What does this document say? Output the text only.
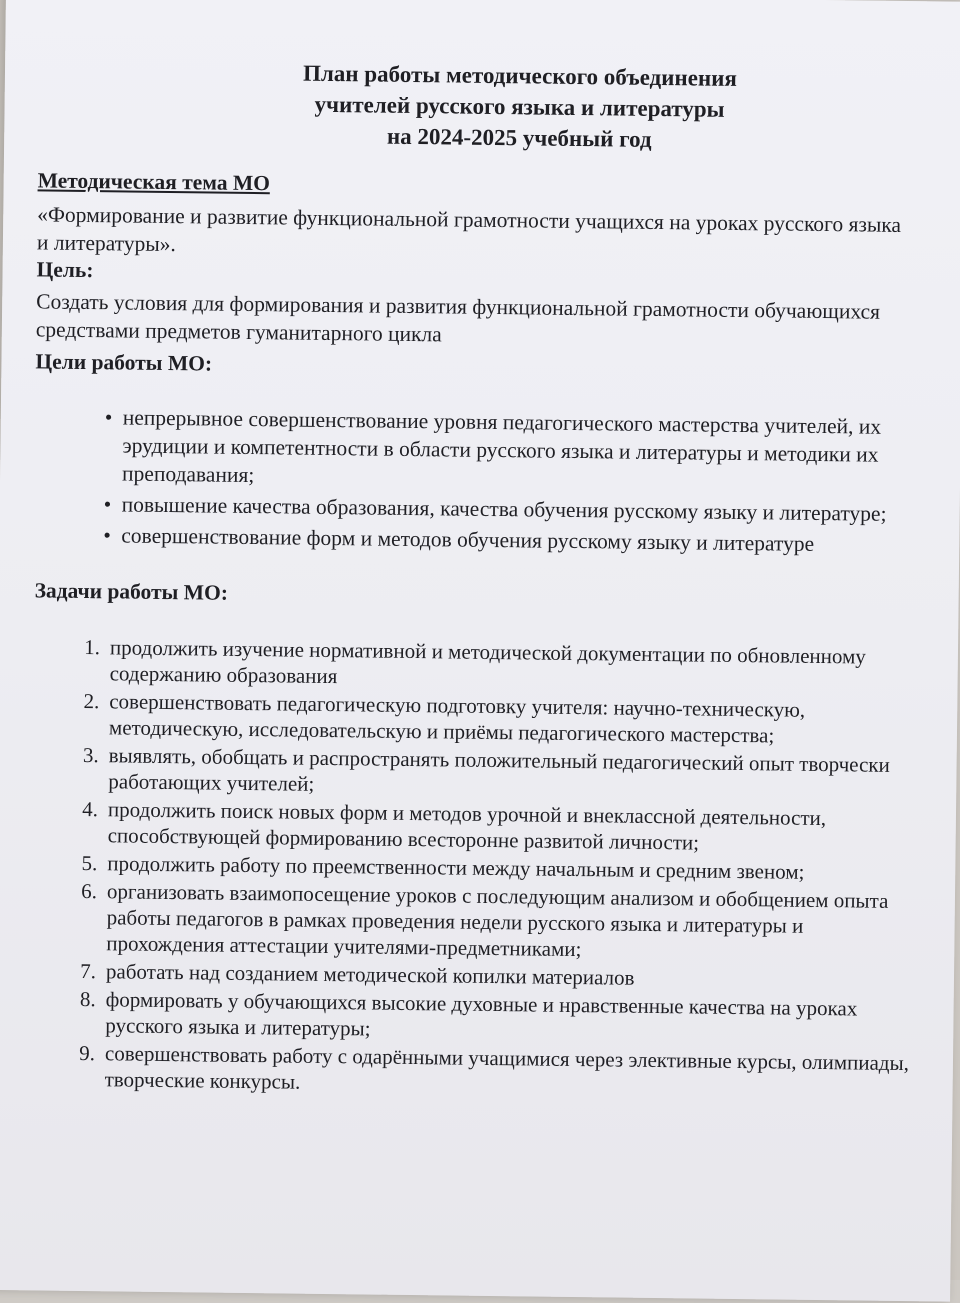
План работы методического объединения
учителей русского языка и литературы
на 2024-2025 учебный год
Методическая тема МО
«Формирование и развитие функциональной грамотности учащихся на уроках русского языка и литературы».
Цель:
Создать условия для формирования и развития функциональной грамотности обучающихся средствами предметов гуманитарного цикла
Цели работы МО:
• непрерывное совершенствование уровня педагогического мастерства учителей, их эрудиции и компетентности в области русского языка и литературы и методики их преподавания;
• повышение качества образования, качества обучения русскому языку и литературе;
• совершенствование форм и методов обучения русскому языку и литературе
Задачи работы МО:
1. продолжить изучение нормативной и методической документации по обновленному содержанию образования
2. совершенствовать педагогическую подготовку учителя: научно-техническую, методическую, исследовательскую и приёмы педагогического мастерства;
3. выявлять, обобщать и распространять положительный педагогический опыт творчески работающих учителей;
4. продолжить поиск новых форм и методов урочной и внеклассной деятельности, способствующей формированию всесторонне развитой личности;
5. продолжить работу по преемственности между начальным и средним звеном;
6. организовать взаимопосещение уроков с последующим анализом и обобщением опыта работы педагогов в рамках проведения недели русского языка и литературы и прохождения аттестации учителями-предметниками;
7. работать над созданием методической копилки материалов
8. формировать у обучающихся высокие духовные и нравственные качества на уроках русского языка и литературы;
9. совершенствовать работу с одарёнными учащимися через элективные курсы, олимпиады, творческие конкурсы.
